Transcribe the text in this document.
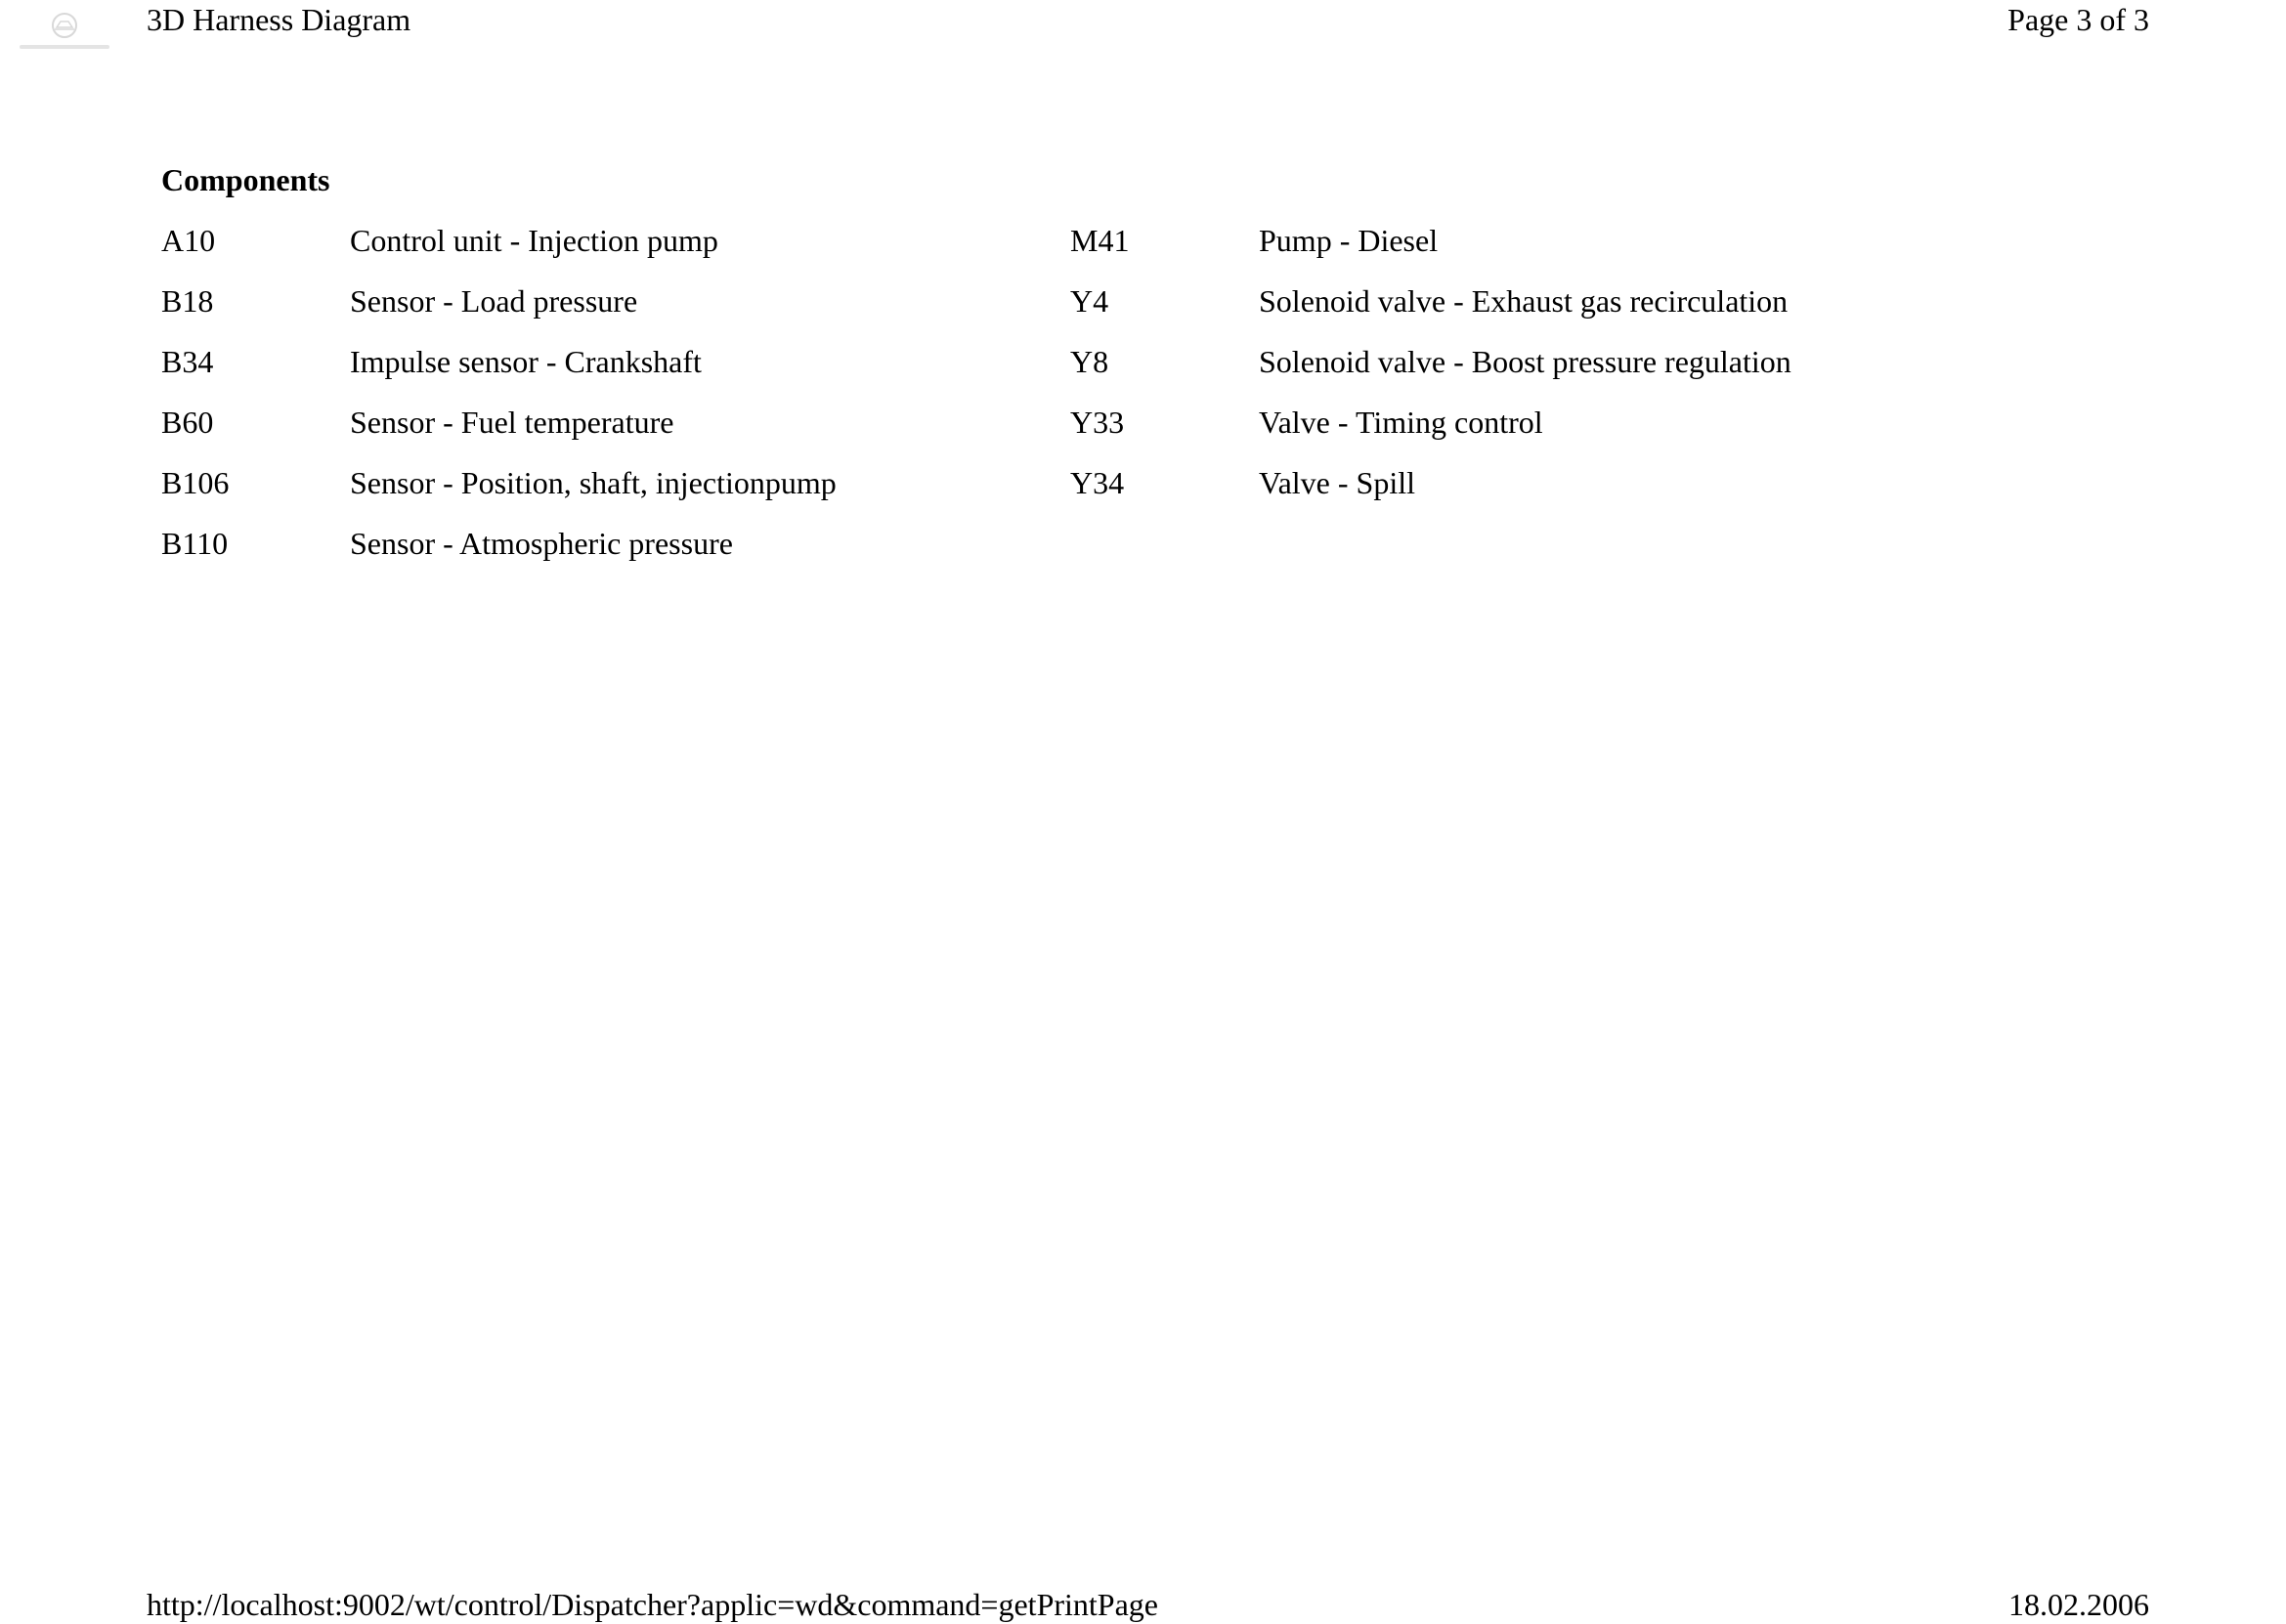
3D Harness Diagram	Page 3 of 3
Components
A10	Control unit - Injection pump
B18	Sensor - Load pressure
B34	Impulse sensor - Crankshaft
B60	Sensor - Fuel temperature
B106	Sensor - Position, shaft, injectionpump
B110	Sensor - Atmospheric pressure
M41	Pump - Diesel
Y4	Solenoid valve - Exhaust gas recirculation
Y8	Solenoid valve - Boost pressure regulation
Y33	Valve - Timing control
Y34	Valve - Spill
http://localhost:9002/wt/control/Dispatcher?applic=wd&command=getPrintPage	18.02.2006
